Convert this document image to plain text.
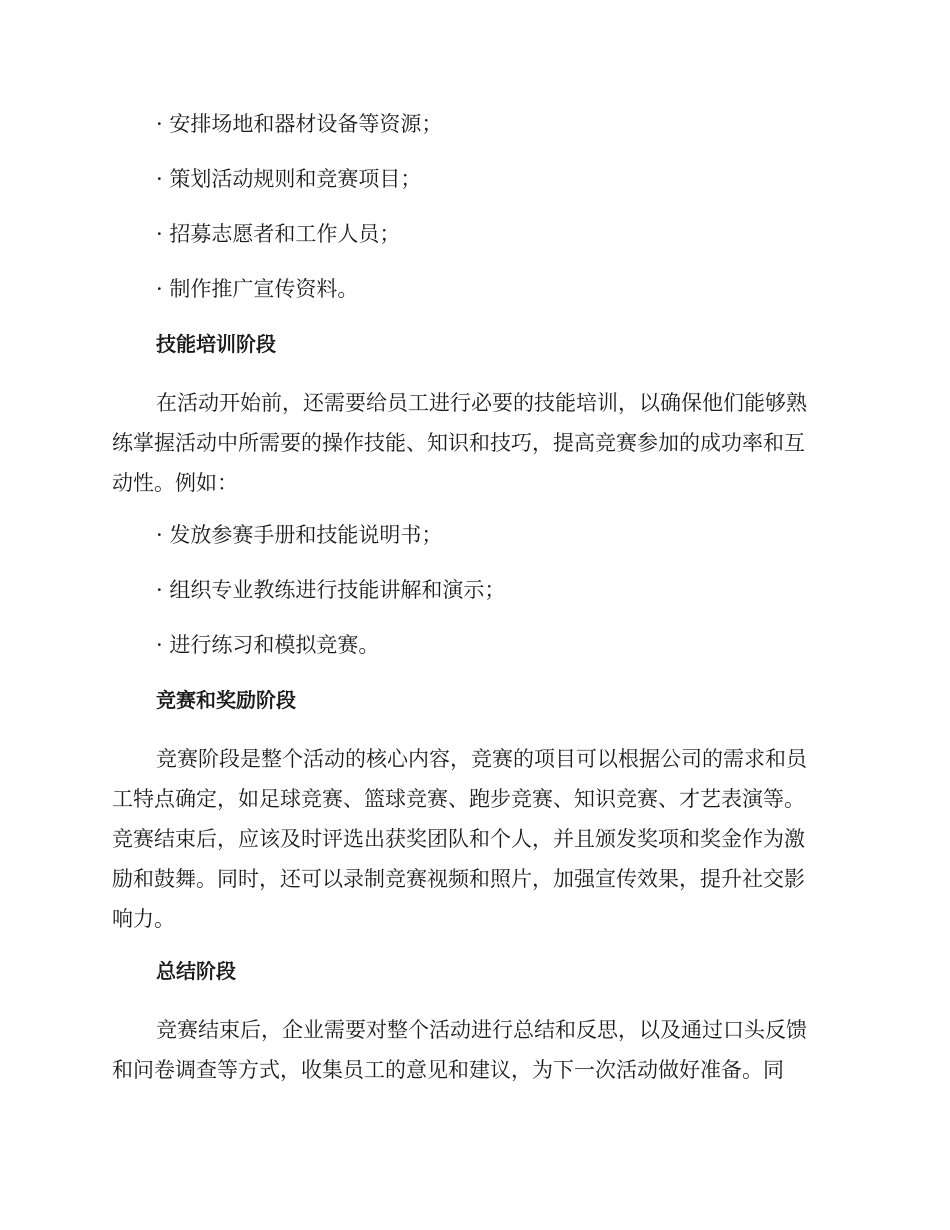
· 安排场地和器材设备等资源；
· 策划活动规则和竞赛项目；
· 招募志愿者和工作人员；
· 制作推广宣传资料。
技能培训阶段
在活动开始前，还需要给员工进行必要的技能培训，以确保他们能够熟
练掌握活动中所需要的操作技能、知识和技巧，提高竞赛参加的成功率和互
动性。例如：
· 发放参赛手册和技能说明书；
· 组织专业教练进行技能讲解和演示；
· 进行练习和模拟竞赛。
竞赛和奖励阶段
竞赛阶段是整个活动的核心内容，竞赛的项目可以根据公司的需求和员
工特点确定，如足球竞赛、篮球竞赛、跑步竞赛、知识竞赛、才艺表演等。
竞赛结束后，应该及时评选出获奖团队和个人，并且颁发奖项和奖金作为激
励和鼓舞。同时，还可以录制竞赛视频和照片，加强宣传效果，提升社交影
响力。
总结阶段
竞赛结束后，企业需要对整个活动进行总结和反思，以及通过口头反馈
和问卷调查等方式，收集员工的意见和建议，为下一次活动做好准备。同
